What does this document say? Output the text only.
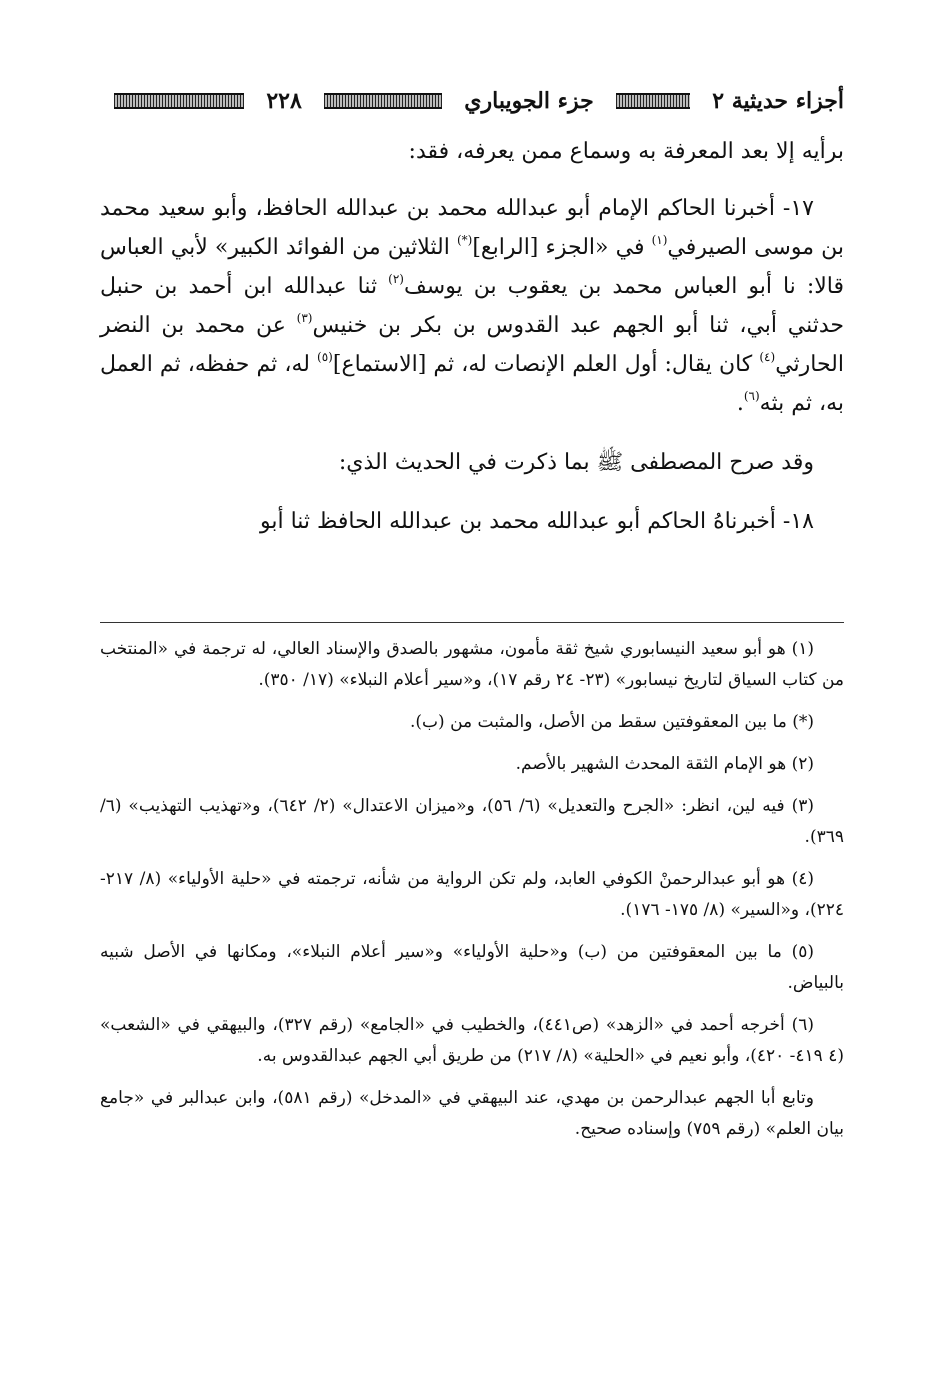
أجزاء حديثية ٢
جزء الجويباري
٢٢٨

برأيه إلا بعد المعرفة به وسماع ممن يعرفه، فقد:

١٧- أخبرنا الحاكم الإمام أبو عبدالله محمد بن عبدالله الحافظ، وأبو سعيد محمد بن موسى الصيرفي$^{(١)}$ في «الجزء [الرابع](*) الثلاثين من الفوائد الكبير» لأبي العباس قالا: نا أبو العباس محمد بن يعقوب بن يوسف$^{(٢)}$ ثنا عبدالله ابن أحمد بن حنبل حدثني أبي، ثنا أبو الجهم عبد القدوس بن بكر بن خنيس$^{(٣)}$ عن محمد بن النضر الحارثي$^{(٤)}$ كان يقال: أول العلم الإنصات له، ثم [الاستماع]$^{(٥)}$ له، ثم حفظه، ثم العمل به، ثم بثه$^{(٦)}$.

وقد صرح المصطفى ﷺ بما ذكرت في الحديث الذي:

١٨- أخبرناهُ الحاكم أبو عبدالله محمد بن عبدالله الحافظ ثنا أبو

(١) هو أبو سعيد النيسابوري شيخ ثقة مأمون، مشهور بالصدق والإسناد العالي، له ترجمة في «المنتخب من كتاب السياق لتاريخ نيسابور» (٢٣- ٢٤ رقم ١٧)، و«سير أعلام النبلاء» (١٧/ ٣٥٠).

(*) ما بين المعقوفتين سقط من الأصل، والمثبت من (ب).

(٢) هو الإمام الثقة المحدث الشهير بالأصم.

(٣) فيه لين، انظر: «الجرح والتعديل» (٦/ ٥٦)، و«ميزان الاعتدال» (٢/ ٦٤٢)، و«تهذيب التهذيب» (٦/ ٣٦٩).

(٤) هو أبو عبدالرحمنْ الكوفي العابد، ولم تكن الرواية من شأنه، ترجمته في «حلية الأولياء» (٨/ ٢١٧- ٢٢٤)، و«السير» (٨/ ١٧٥- ١٧٦).

(٥) ما بين المعقوفتين من (ب) و«حلية الأولياء» و«سير أعلام النبلاء»، ومكانها في الأصل شبيه بالبياض.

(٦) أخرجه أحمد في «الزهد» (ص٤٤١)، والخطيب في «الجامع» (رقم ٣٢٧)، والبيهقي في «الشعب» (٤ ٤١٩- ٤٢٠)، وأبو نعيم في «الحلية» (٨/ ٢١٧) من طريق أبي الجهم عبدالقدوس به.

وتابع أبا الجهم عبدالرحمن بن مهدي، عند البيهقي في «المدخل» (رقم ٥٨١)، وابن عبدالبر في «جامع بيان العلم» (رقم ٧٥٩) وإسناده صحيح.
